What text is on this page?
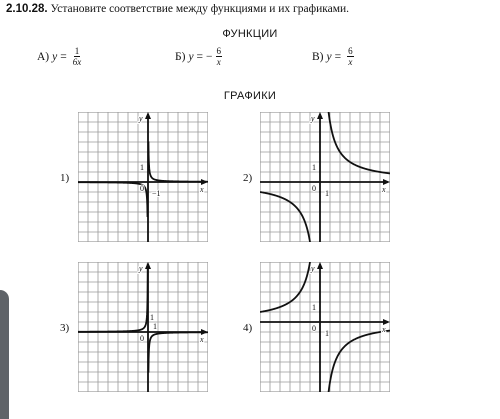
2.10.28. Установите соответствие между функциями и их графиками.
ФУНКЦИИ
А) $y = \frac{1}{6x}$	Б) y = − $\frac{6}{x}$	В) $y = \frac{6}{x}$
ГРАФИКИ
1)	2)
3)	4)
x
y
0
1
−1	x
y
0
1
1
x
y
0
1
1	x
y
0
1
1
